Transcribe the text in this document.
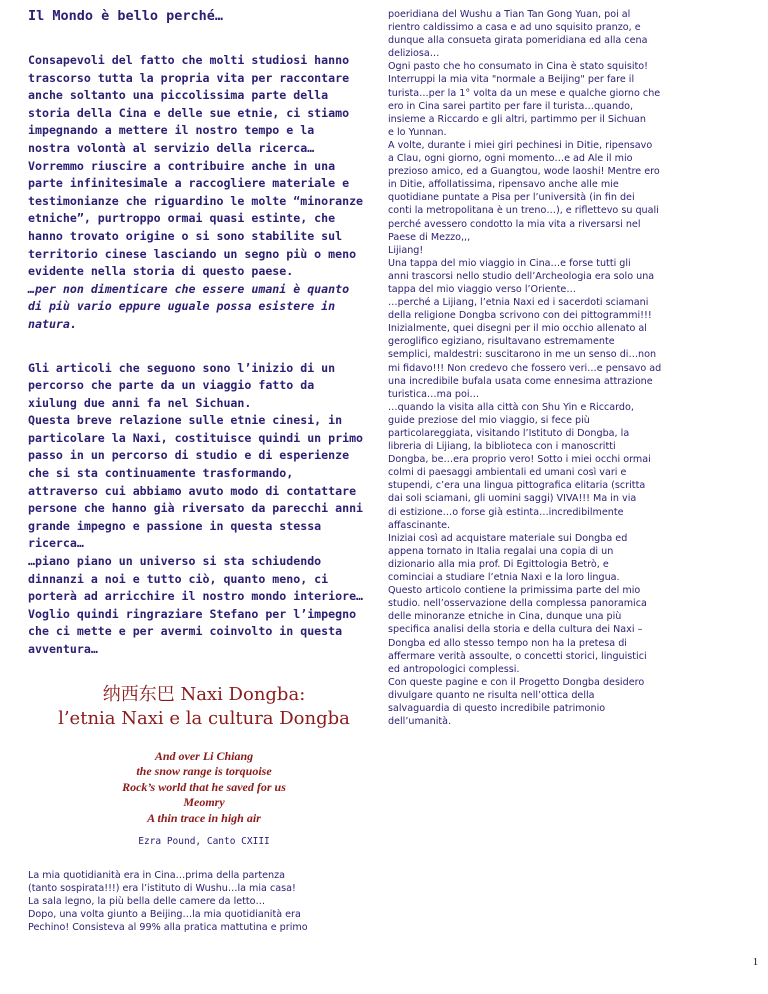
Il Mondo è bello perché…

Consapevoli del fatto che molti studiosi hanno
trascorso tutta la propria vita per raccontare
anche soltanto una piccolissima parte della
storia della Cina e delle sue etnie, ci stiamo
impegnando a mettere il nostro tempo e la
nostra volontà al servizio della ricerca…
Vorremmo riuscire a contribuire anche in una
parte infinitesimale a raccogliere materiale e
testimonianze che riguardino le molte “minoranze
etniche”, purtroppo ormai quasi estinte, che
hanno trovato origine o si sono stabilite sul
territorio cinese lasciando un segno più o meno
evidente nella storia di questo paese.

…per non dimenticare che essere umani è quanto
di più vario eppure uguale possa esistere in
natura.

Gli articoli che seguono sono l’inizio di un
percorso che parte da un viaggio fatto da
xiulung due anni fa nel Sichuan.
Questa breve relazione sulle etnie cinesi, in
particolare la Naxi, costituisce quindi un primo
passo in un percorso di studio e di esperienze
che si sta continuamente trasformando,
attraverso cui abbiamo avuto modo di contattare
persone che hanno già riversato da parecchi anni
grande impegno e passione in questa stessa
ricerca…
…piano piano un universo si sta schiudendo
dinnanzi a noi e tutto ciò, quanto meno, ci
porterà ad arricchire il nostro mondo interiore…
Voglio quindi ringraziare Stefano per l’impegno
che ci mette e per avermi coinvolto in questa
avventura…

纳西东巴 Naxi Dongba:
l’etnia Naxi e la cultura Dongba
And over Li Chiang
the snow range is torquoise
Rock’s world that he saved for us
Meomry
A thin trace in high air
Ezra Pound, Canto CXIII

La mia quotidianità era in Cina…prima della partenza
(tanto sospirata!!!) era l’istituto di Wushu…la mia casa!
La sala legno, la più bella delle camere da letto…
Dopo, una volta giunto a Beijing…la mia quotidianità era
Pechino! Consisteva al 99% alla pratica mattutina e primo

poeridiana del Wushu a Tian Tan Gong Yuan, poi al
rientro caldissimo a casa e ad uno squisito pranzo, e
dunque alla consueta girata pomeridiana ed alla cena
deliziosa…
Ogni pasto che ho consumato in Cina è stato squisito!
Interruppi la mia vita "normale a Beijing" per fare il
turista…per la 1° volta da un mese e qualche giorno che
ero in Cina sarei partito per fare il turista…quando,
insieme a Riccardo e gli altri, partimmo per il Sichuan
e lo Yunnan.
A volte, durante i miei giri pechinesi in Ditie, ripensavo
a Clau, ogni giorno, ogni momento…e ad Ale il mio
prezioso amico, ed a Guangtou, wode laoshi! Mentre ero
in Ditie, affollatissima, ripensavo anche alle mie
quotidiane puntate a Pisa per l’università (in fin dei
conti la metropolitana è un treno…), e riflettevo su quali
perché avessero condotto la mia vita a riversarsi nel
Paese di Mezzo,,,
Lijiang!
Una tappa del mio viaggio in Cina…e forse tutti gli
anni trascorsi nello studio dell’Archeologia era solo una
tappa del mio viaggio verso l’Oriente…
…perché a Lijiang, l’etnia Naxi ed i sacerdoti sciamani
della religione Dongba scrivono con dei pittogrammi!!!
Inizialmente, quei disegni per il mio occhio allenato al
geroglifico egiziano, risultavano estremamente
semplici, maldestri: suscitarono in me un senso di…non
mi fidavo!!! Non credevo che fossero veri…e pensavo ad
una incredibile bufala usata come ennesima attrazione
turistica…ma poi…
…quando la visita alla città con Shu Yin e Riccardo,
guide preziose del mio viaggio, si fece più
particolareggiata, visitando l’Istituto di Dongba, la
libreria di Lijiang, la biblioteca con i manoscritti
Dongba, be…era proprio vero! Sotto i miei occhi ormai
colmi di paesaggi ambientali ed umani così vari e
stupendi, c’era una lingua pittografica elitaria (scritta
dai soli sciamani, gli uomini saggi) VIVA!!! Ma in via
di estizione…o forse già estinta…incredibilmente
affascinante.
Iniziai così ad acquistare materiale sui Dongba ed
appena tornato in Italia regalai una copia di un
dizionario alla mia prof. Di Egittologia Betrò, e
cominciai a studiare l’etnia Naxi e la loro lingua.
Questo articolo contiene la primissima parte del mio
studio. nell’osservazione della complessa panoramica
delle minoranze etniche in Cina, dunque una più
specifica analisi della storia e della cultura dei Naxi –
Dongba ed allo stesso tempo non ha la pretesa di
affermare verità assoulte, o concetti storici, linguistici
ed antropologici complessi.
Con queste pagine e con il Progetto Dongba desidero
divulgare quanto ne risulta nell’ottica della
salvaguardia di questo incredibile patrimonio
dell’umanità.

1
